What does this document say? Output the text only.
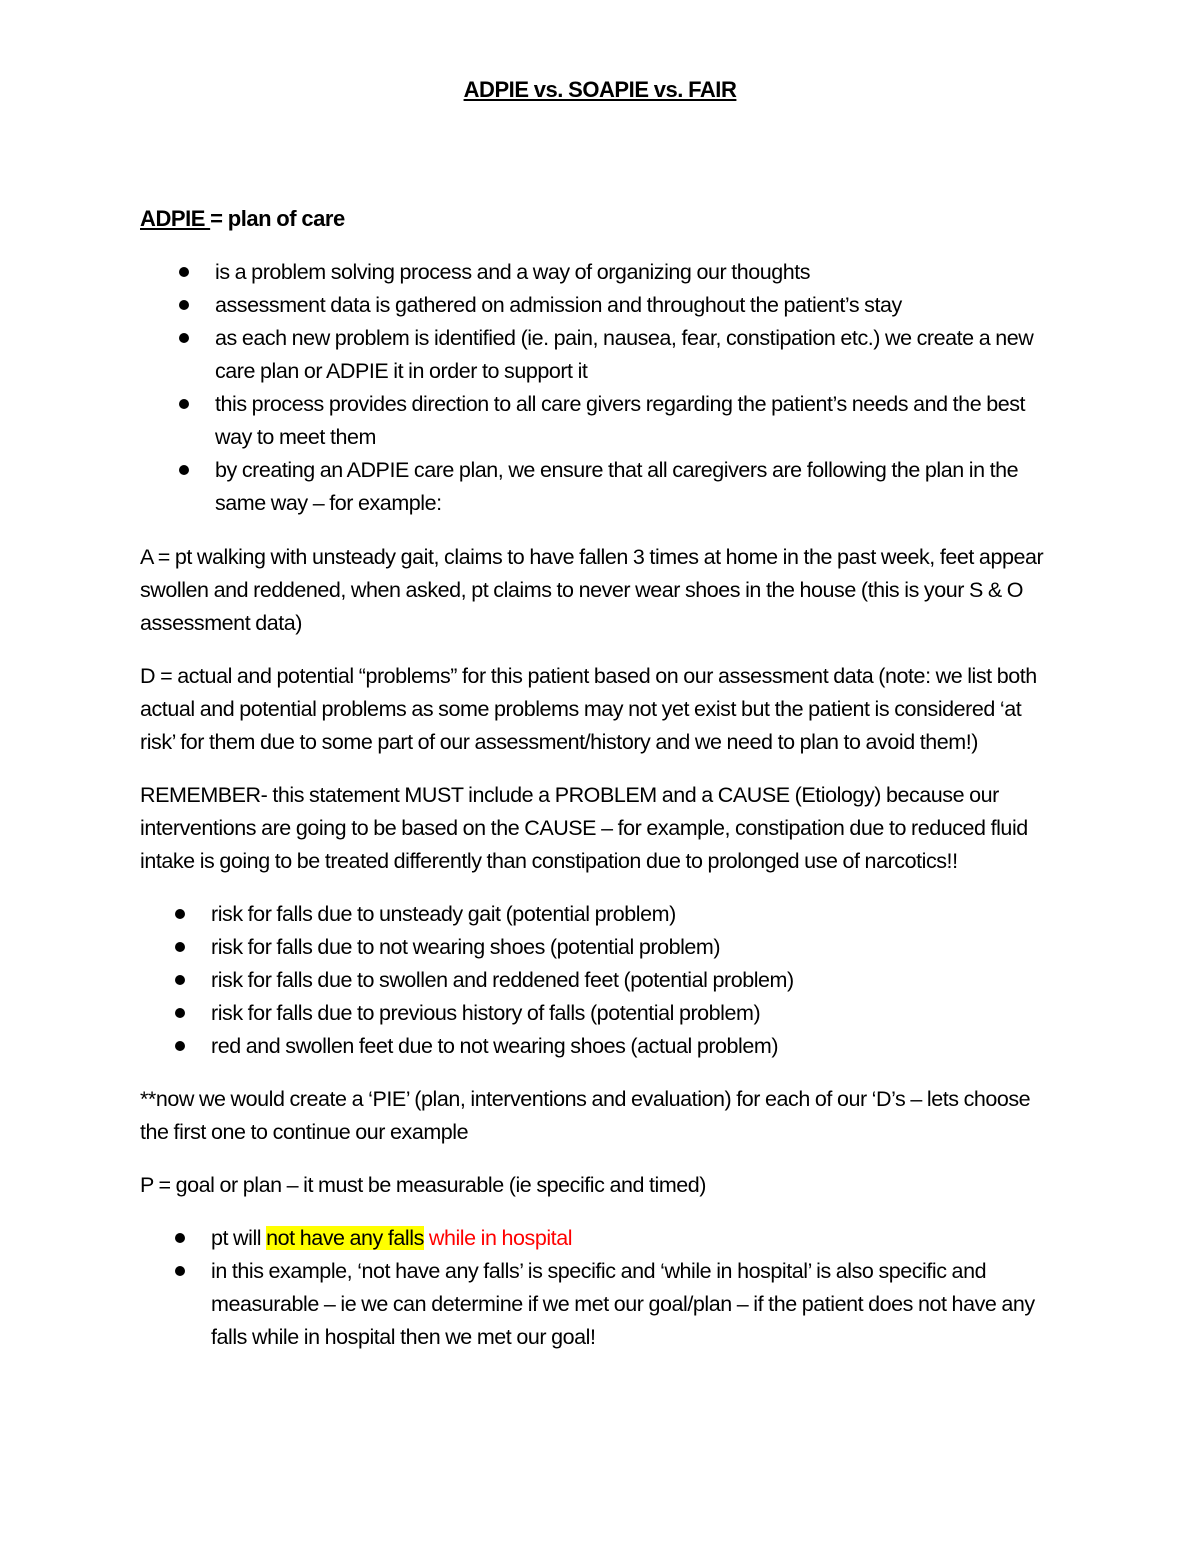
ADPIE vs. SOAPIE vs. FAIR
ADPIE = plan of care
is a problem solving process and a way of organizing our thoughts
assessment data is gathered on admission and throughout the patient’s stay
as each new problem is identified (ie. pain, nausea, fear, constipation etc.) we create a new care plan or ADPIE it in order to support it
this process provides direction to all care givers regarding the patient’s needs and the best way to meet them
by creating an ADPIE care plan, we ensure that all caregivers are following the plan in the same way – for example:

A = pt walking with unsteady gait, claims to have fallen 3 times at home in the past week, feet appear swollen and reddened, when asked, pt claims to never wear shoes in the house (this is your S & O assessment data)

D = actual and potential “problems” for this patient based on our assessment data (note: we list both actual and potential problems as some problems may not yet exist but the patient is considered ‘at risk’ for them due to some part of our assessment/history and we need to plan to avoid them!)

REMEMBER- this statement MUST include a PROBLEM and a CAUSE (Etiology) because our interventions are going to be based on the CAUSE – for example, constipation due to reduced fluid intake is going to be treated differently than constipation due to prolonged use of narcotics!!

risk for falls due to unsteady gait (potential problem)
risk for falls due to not wearing shoes (potential problem)
risk for falls due to swollen and reddened feet (potential problem)
risk for falls due to previous history of falls (potential problem)
red and swollen feet due to not wearing shoes (actual problem)

**now we would create a ‘PIE’ (plan, interventions and evaluation) for each of our ‘D’s – lets choose the first one to continue our example

P = goal or plan – it must be measurable (ie specific and timed)

pt will not have any falls while in hospital
in this example, ‘not have any falls’ is specific and ‘while in hospital’ is also specific and measurable – ie we can determine if we met our goal/plan – if the patient does not have any falls while in hospital then we met our goal!
